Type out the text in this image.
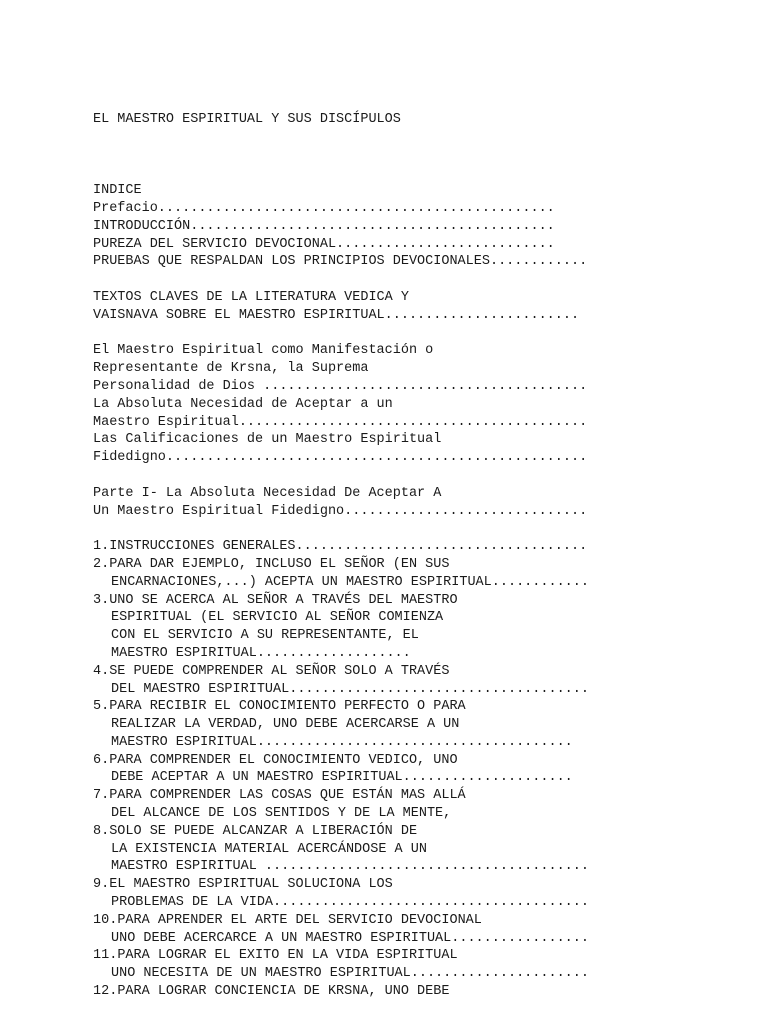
EL MAESTRO ESPIRITUAL Y SUS DISCÍPULOS
INDICE
Prefacio.................................................
INTRODUCCIÓN.............................................
PUREZA DEL SERVICIO DEVOCIONAL...........................
PRUEBAS QUE RESPALDAN LOS PRINCIPIOS DEVOCIONALES............
TEXTOS CLAVES DE LA LITERATURA VEDICA Y
VAISNAVA SOBRE EL MAESTRO ESPIRITUAL........................
El Maestro Espiritual como Manifestación o
Representante de Krsna, la Suprema
Personalidad de Dios ........................................
La Absoluta Necesidad de Aceptar a un
Maestro Espiritual...........................................
Las Calificaciones de un Maestro Espiritual
Fidedigno....................................................
Parte I- La Absoluta Necesidad De Aceptar A
Un Maestro Espiritual Fidedigno..............................
1.INSTRUCCIONES GENERALES....................................
2.PARA DAR EJEMPLO, INCLUSO EL SEÑOR (EN SUS
ENCARNACIONES,...) ACEPTA UN MAESTRO ESPIRITUAL............
3.UNO SE ACERCA AL SEÑOR A TRAVÉS DEL MAESTRO
ESPIRITUAL (EL SERVICIO AL SEÑOR COMIENZA
CON EL SERVICIO A SU REPRESENTANTE, EL
MAESTRO ESPIRITUAL...................
4.SE PUEDE COMPRENDER AL SEÑOR SOLO A TRAVÉS
DEL MAESTRO ESPIRITUAL.....................................
5.PARA RECIBIR EL CONOCIMIENTO PERFECTO O PARA
REALIZAR LA VERDAD, UNO DEBE ACERCARSE A UN
MAESTRO ESPIRITUAL.......................................
6.PARA COMPRENDER EL CONOCIMIENTO VEDICO, UNO
DEBE ACEPTAR A UN MAESTRO ESPIRITUAL.....................
7.PARA COMPRENDER LAS COSAS QUE ESTÁN MAS ALLÁ
DEL ALCANCE DE LOS SENTIDOS Y DE LA MENTE,
8.SOLO SE PUEDE ALCANZAR A LIBERACIÓN DE
LA EXISTENCIA MATERIAL ACERCÁNDOSE A UN
MAESTRO ESPIRITUAL ........................................
9.EL MAESTRO ESPIRITUAL SOLUCIONA LOS
PROBLEMAS DE LA VIDA.......................................
10.PARA APRENDER EL ARTE DEL SERVICIO DEVOCIONAL
UNO DEBE ACERCARCE A UN MAESTRO ESPIRITUAL.................
11.PARA LOGRAR EL EXITO EN LA VIDA ESPIRITUAL
UNO NECESITA DE UN MAESTRO ESPIRITUAL......................
12.PARA LOGRAR CONCIENCIA DE KRSNA, UNO DEBE
